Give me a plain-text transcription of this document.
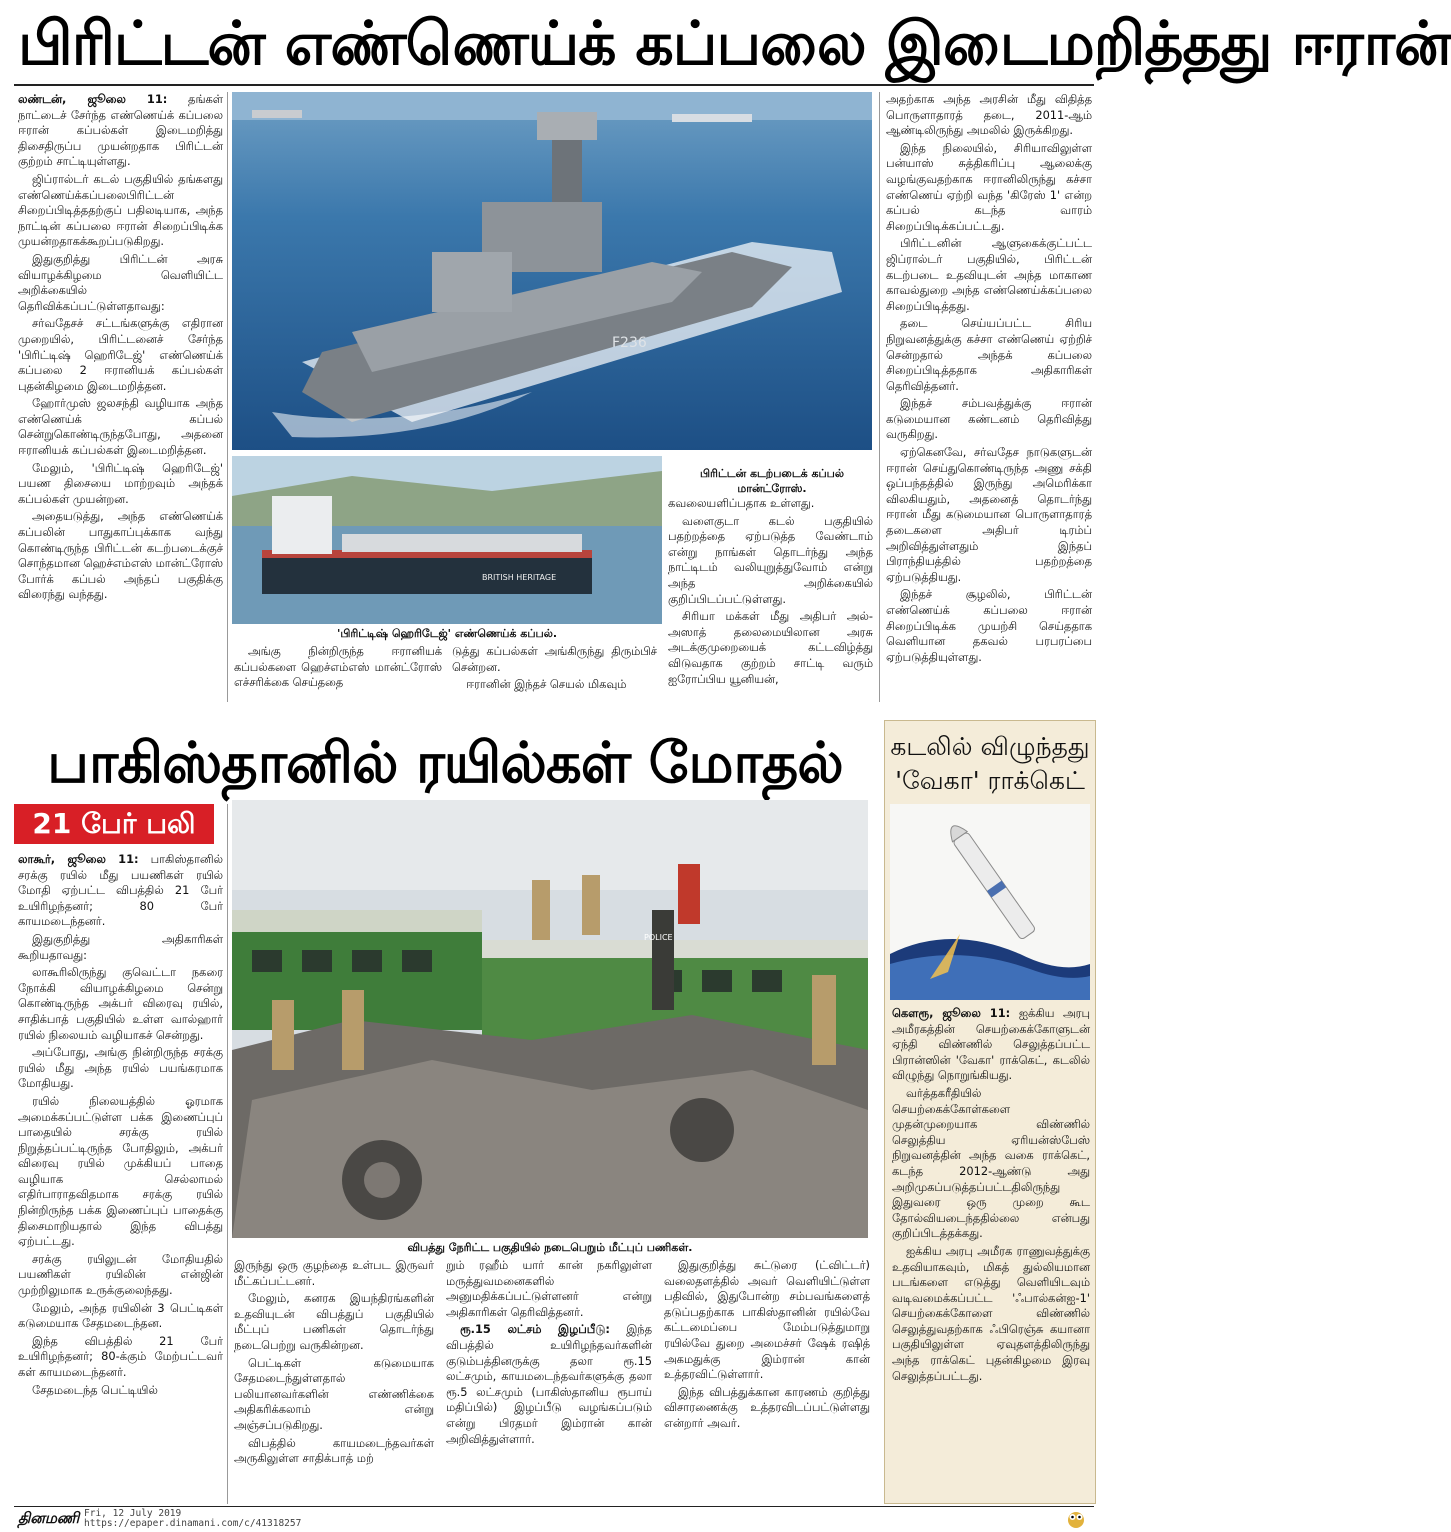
பிரிட்டன் எண்ணெய்க் கப்பலை இடைமறித்தது ஈரான்

லண்டன், ஜூலை 11: தங்கள் நாட்டைச் சேர்ந்த எண்ணெய்க் கப்பலை ஈரான் கப்பல்கள் இடைமறித்து திசைதிருப்ப முயன்றதாக பிரிட்டன் குற்றம் சாட்டியுள்ளது.

ஜிப்ரால்டர் கடல் பகுதியில் தங்களது எண்ணெய்க்கப்பலைபிரிட்டன் சிறைப்பிடித்ததற்குப் பதிலடியாக, அந்த நாட்டின் கப்பலை ஈரான் சிறைப்பிடிக்க முயன்றதாகக்கூறப்படுகிறது.

இதுகுறித்து பிரிட்டன் அரசு வியாழக்கிழமை வெளியிட்ட அறிக்கையில் தெரிவிக்கப்பட்டுள்ளதாவது:

சர்வதேசச் சட்டங்களுக்கு எதிரான முறையில், பிரிட்டனைச் சேர்ந்த 'பிரிட்டிஷ் ஹெரிடேஜ்' எண்ணெய்க் கப்பலை 2 ஈரானியக் கப்பல்கள் புதன்கிழமை இடைமறித்தன.

ஹோர்முஸ் ஜலசந்தி வழியாக அந்த எண்ணெய்க் கப்பல் சென்றுகொண்டிருந்தபோது, அதனை ஈரானியக் கப்பல்கள் இடைமறித்தன.

மேலும், 'பிரிட்டிஷ் ஹெரிடேஜ்' பயண திசையை மாற்றவும் அந்தக் கப்பல்கள் முயன்றன.

அதையடுத்து, அந்த எண்ணெய்க் கப்பலின் பாதுகாப்புக்காக வந்து கொண்டிருந்த பிரிட்டன் கடற்படைக்குச் சொந்தமான ஹெச்எம்எஸ் மான்ட்ரோஸ் போர்க் கப்பல் அந்தப் பகுதிக்கு விரைந்து வந்தது.

F236
பிரிட்டன் கடற்படைக் கப்பல் மான்ட்ரோஸ்.
BRITISH HERITAGE
'பிரிட்டிஷ் ஹெரிடேஜ்' எண்ணெய்க் கப்பல்.

அங்கு நின்றிருந்த ஈரானியக் கப்பல்களை ஹெச்எம்எஸ் மான்ட்ரோஸ் எச்சரிக்கை செய்ததை

டுத்து கப்பல்கள் அங்கிருந்து திரும்பிச் சென்றன.

ஈரானின் இந்தச் செயல் மிகவும்

கவலையளிப்பதாக உள்ளது.

வளைகுடா கடல் பகுதியில் பதற்றத்தை ஏற்படுத்த வேண்டாம் என்று நாங்கள் தொடர்ந்து அந்த நாட்டிடம் வலியுறுத்துவோம் என்று அந்த அறிக்கையில் குறிப்பிடப்பட்டுள்ளது.

சிரியா மக்கள் மீது அதிபர் அல்-அஸாத் தலைமையிலான அரசு அடக்குமுறையைக் கட்டவிழ்த்து விடுவதாக குற்றம் சாட்டி வரும் ஐரோப்பிய யூனியன்,

அதற்காக அந்த அரசின் மீது விதித்த பொருளாதாரத் தடை, 2011-ஆம் ஆண்டிலிருந்து அமலில் இருக்கிறது.

இந்த நிலையில், சிரியாவிலுள்ள பன்யாஸ் சுத்திகரிப்பு ஆலைக்கு வழங்குவதற்காக ஈரானிலிருந்து கச்சா எண்ணெய் ஏற்றி வந்த 'கிரேஸ் 1' என்ற கப்பல் கடந்த வாரம் சிறைப்பிடிக்கப்பட்டது.

பிரிட்டனின் ஆளுகைக்குட்பட்ட ஜிப்ரால்டர் பகுதியில், பிரிட்டன் கடற்படை உதவியுடன் அந்த மாகாண காவல்துறை அந்த எண்ணெய்க்கப்பலை சிறைப்பிடித்தது.

தடை செய்யப்பட்ட சிரிய நிறுவனத்துக்கு கச்சா எண்ணெய் ஏற்றிச் சென்றதால் அந்தக் கப்பலை சிறைப்பிடித்ததாக அதிகாரிகள் தெரிவித்தனர்.

இந்தச் சம்பவத்துக்கு ஈரான் கடுமையான கண்டனம் தெரிவித்து வருகிறது.

ஏற்கெனவே, சர்வதேச நாடுகளுடன் ஈரான் செய்துகொண்டிருந்த அணு சக்தி ஒப்பந்தத்தில் இருந்து அமெரிக்கா விலகியதும், அதனைத் தொடர்ந்து ஈரான் மீது கடுமையான பொருளாதாரத் தடைகளை அதிபர் டிரம்ப் அறிவித்துள்ளதும் இந்தப் பிராந்தியத்தில் பதற்றத்தை ஏற்படுத்தியது.

இந்தச் சூழலில், பிரிட்டன் எண்ணெய்க் கப்பலை ஈரான் சிறைப்பிடிக்க முயற்சி செய்ததாக வெளியான தகவல் பரபரப்பை ஏற்படுத்தியுள்ளது.

பாகிஸ்தானில் ரயில்கள் மோதல்
21 பேர் பலி

லாகூர், ஜூலை 11: பாகிஸ்தானில் சரக்கு ரயில் மீது பயணிகள் ரயில் மோதி ஏற்பட்ட விபத்தில் 21 பேர் உயிரிழந்தனர்; 80 பேர் காயமடைந்தனர்.

இதுகுறித்து அதிகாரிகள் கூறியதாவது:

லாகூரிலிருந்து குவெட்டா நகரை நோக்கி வியாழக்கிழமை சென்று கொண்டிருந்த அக்பர் விரைவு ரயில், சாதிக்பாத் பகுதியில் உள்ள வால்ஹார் ரயில் நிலையம் வழியாகச் சென்றது.

அப்போது, அங்கு நின்றிருந்த சரக்கு ரயில் மீது அந்த ரயில் பயங்கரமாக மோதியது.

ரயில் நிலையத்தில் ஓரமாக அமைக்கப்பட்டுள்ள பக்க இணைப்புப் பாதையில் சரக்கு ரயில் நிறுத்தப்பட்டிருந்த போதிலும், அக்பர் விரைவு ரயில் முக்கியப் பாதை வழியாக செல்லாமல் எதிர்பாராதவிதமாக சரக்கு ரயில் நின்றிருந்த பக்க இணைப்புப் பாதைக்கு திசைமாறியதால் இந்த விபத்து ஏற்பட்டது.

சரக்கு ரயிலுடன் மோதியதில் பயணிகள் ரயிலின் என்ஜின் முற்றிலுமாக உருக்குலைந்தது.

மேலும், அந்த ரயிலின் 3 பெட்டிகள் கடுமையாக சேதமடைந்தன.

இந்த விபத்தில் 21 பேர் உயிரிழந்தனர்; 80-க்கும் மேற்பட்டவர் கள் காயமடைந்தனர்.

சேதமடைந்த பெட்டியில்

POLICE
விபத்து நேரிட்ட பகுதியில் நடைபெறும் மீட்புப் பணிகள்.

இருந்து ஒரு குழந்தை உள்பட இருவர் மீட்கப்பட்டனர்.

மேலும், கனரக இயந்திரங்களின் உதவியுடன் விபத்துப் பகுதியில் மீட்புப் பணிகள் தொடர்ந்து நடைபெற்று வருகின்றன.

பெட்டிகள் கடுமையாக சேதமடைந்துள்ளதால் பலியானவர்களின் எண்ணிக்கை அதிகரிக்கலாம் என்று அஞ்சப்படுகிறது.

விபத்தில் காயமடைந்தவர்கள் அருகிலுள்ள சாதிக்பாத் மற்

றும் ரஹீம் யார் கான் நகரிலுள்ள மருத்துவமனைகளில் அனுமதிக்கப்பட்டுள்ளனர் என்று அதிகாரிகள் தெரிவித்தனர்.

ரூ.15 லட்சம் இழப்பீடு: இந்த விபத்தில் உயிரிழந்தவர்களின் குடும்பத்தினருக்கு தலா ரூ.15 லட்சமும், காயமடைந்தவர்களுக்கு தலா ரூ.5 லட்சமும் (பாகிஸ்தானிய ரூபாய் மதிப்பில்) இழப்பீடு வழங்கப்படும் என்று பிரதமர் இம்ரான் கான் அறிவித்துள்ளார்.

இதுகுறித்து சுட்டுரை (ட்விட்டர்) வலைதளத்தில் அவர் வெளியிட்டுள்ள பதிவில், இதுபோன்ற சம்பவங்களைத் தடுப்பதற்காக பாகிஸ்தானின் ரயில்வே கட்டமைப்பை மேம்படுத்துமாறு ரயில்வே துறை அமைச்சர் ஷேக் ரஷித் அகமதுக்கு இம்ரான் கான் உத்தரவிட்டுள்ளார்.

இந்த விபத்துக்கான காரணம் குறித்து விசாரணைக்கு உத்தரவிடப்பட்டுள்ளது என்றார் அவர்.

கடலில் விழுந்தது
'வேகா' ராக்கெட்

கௌரூ, ஜூலை 11: ஐக்கிய அரபு அமீரகத்தின் செயற்கைக்கோளுடன் ஏந்தி விண்ணில் செலுத்தப்பட்ட பிரான்ஸின் 'வேகா' ராக்கெட், கடலில் விழுந்து நொறுங்கியது.

வர்த்தகரீதியில் செயற்கைக்கோள்களை முதன்முறையாக விண்ணில் செலுத்திய ஏரியன்ஸ்பேஸ் நிறுவனத்தின் அந்த வகை ராக்கெட், கடந்த 2012-ஆண்டு அது அறிமுகப்படுத்தப்பட்டதிலிருந்து இதுவரை ஒரு முறை கூட தோல்வியடைந்ததில்லை என்பது குறிப்பிடத்தக்கது.

ஐக்கிய அரபு அமீரக ராணுவத்துக்கு உதவியாகவும், மிகத் துல்லியமான படங்களை எடுத்து வெளியிடவும் வடிவமைக்கப்பட்ட 'ஃபால்கன்ஐ-1' செயற்கைக்கோளை விண்ணில் செலுத்துவதற்காக ஃபிரெஞ்சு கயானா பகுதியிலுள்ள ஏவுதளத்திலிருந்து அந்த ராக்கெட் புதன்கிழமை இரவு செலுத்தப்பட்டது.

தினமணி Fri, 12 July 2019
https://epaper.dinamani.com/c/41318257
